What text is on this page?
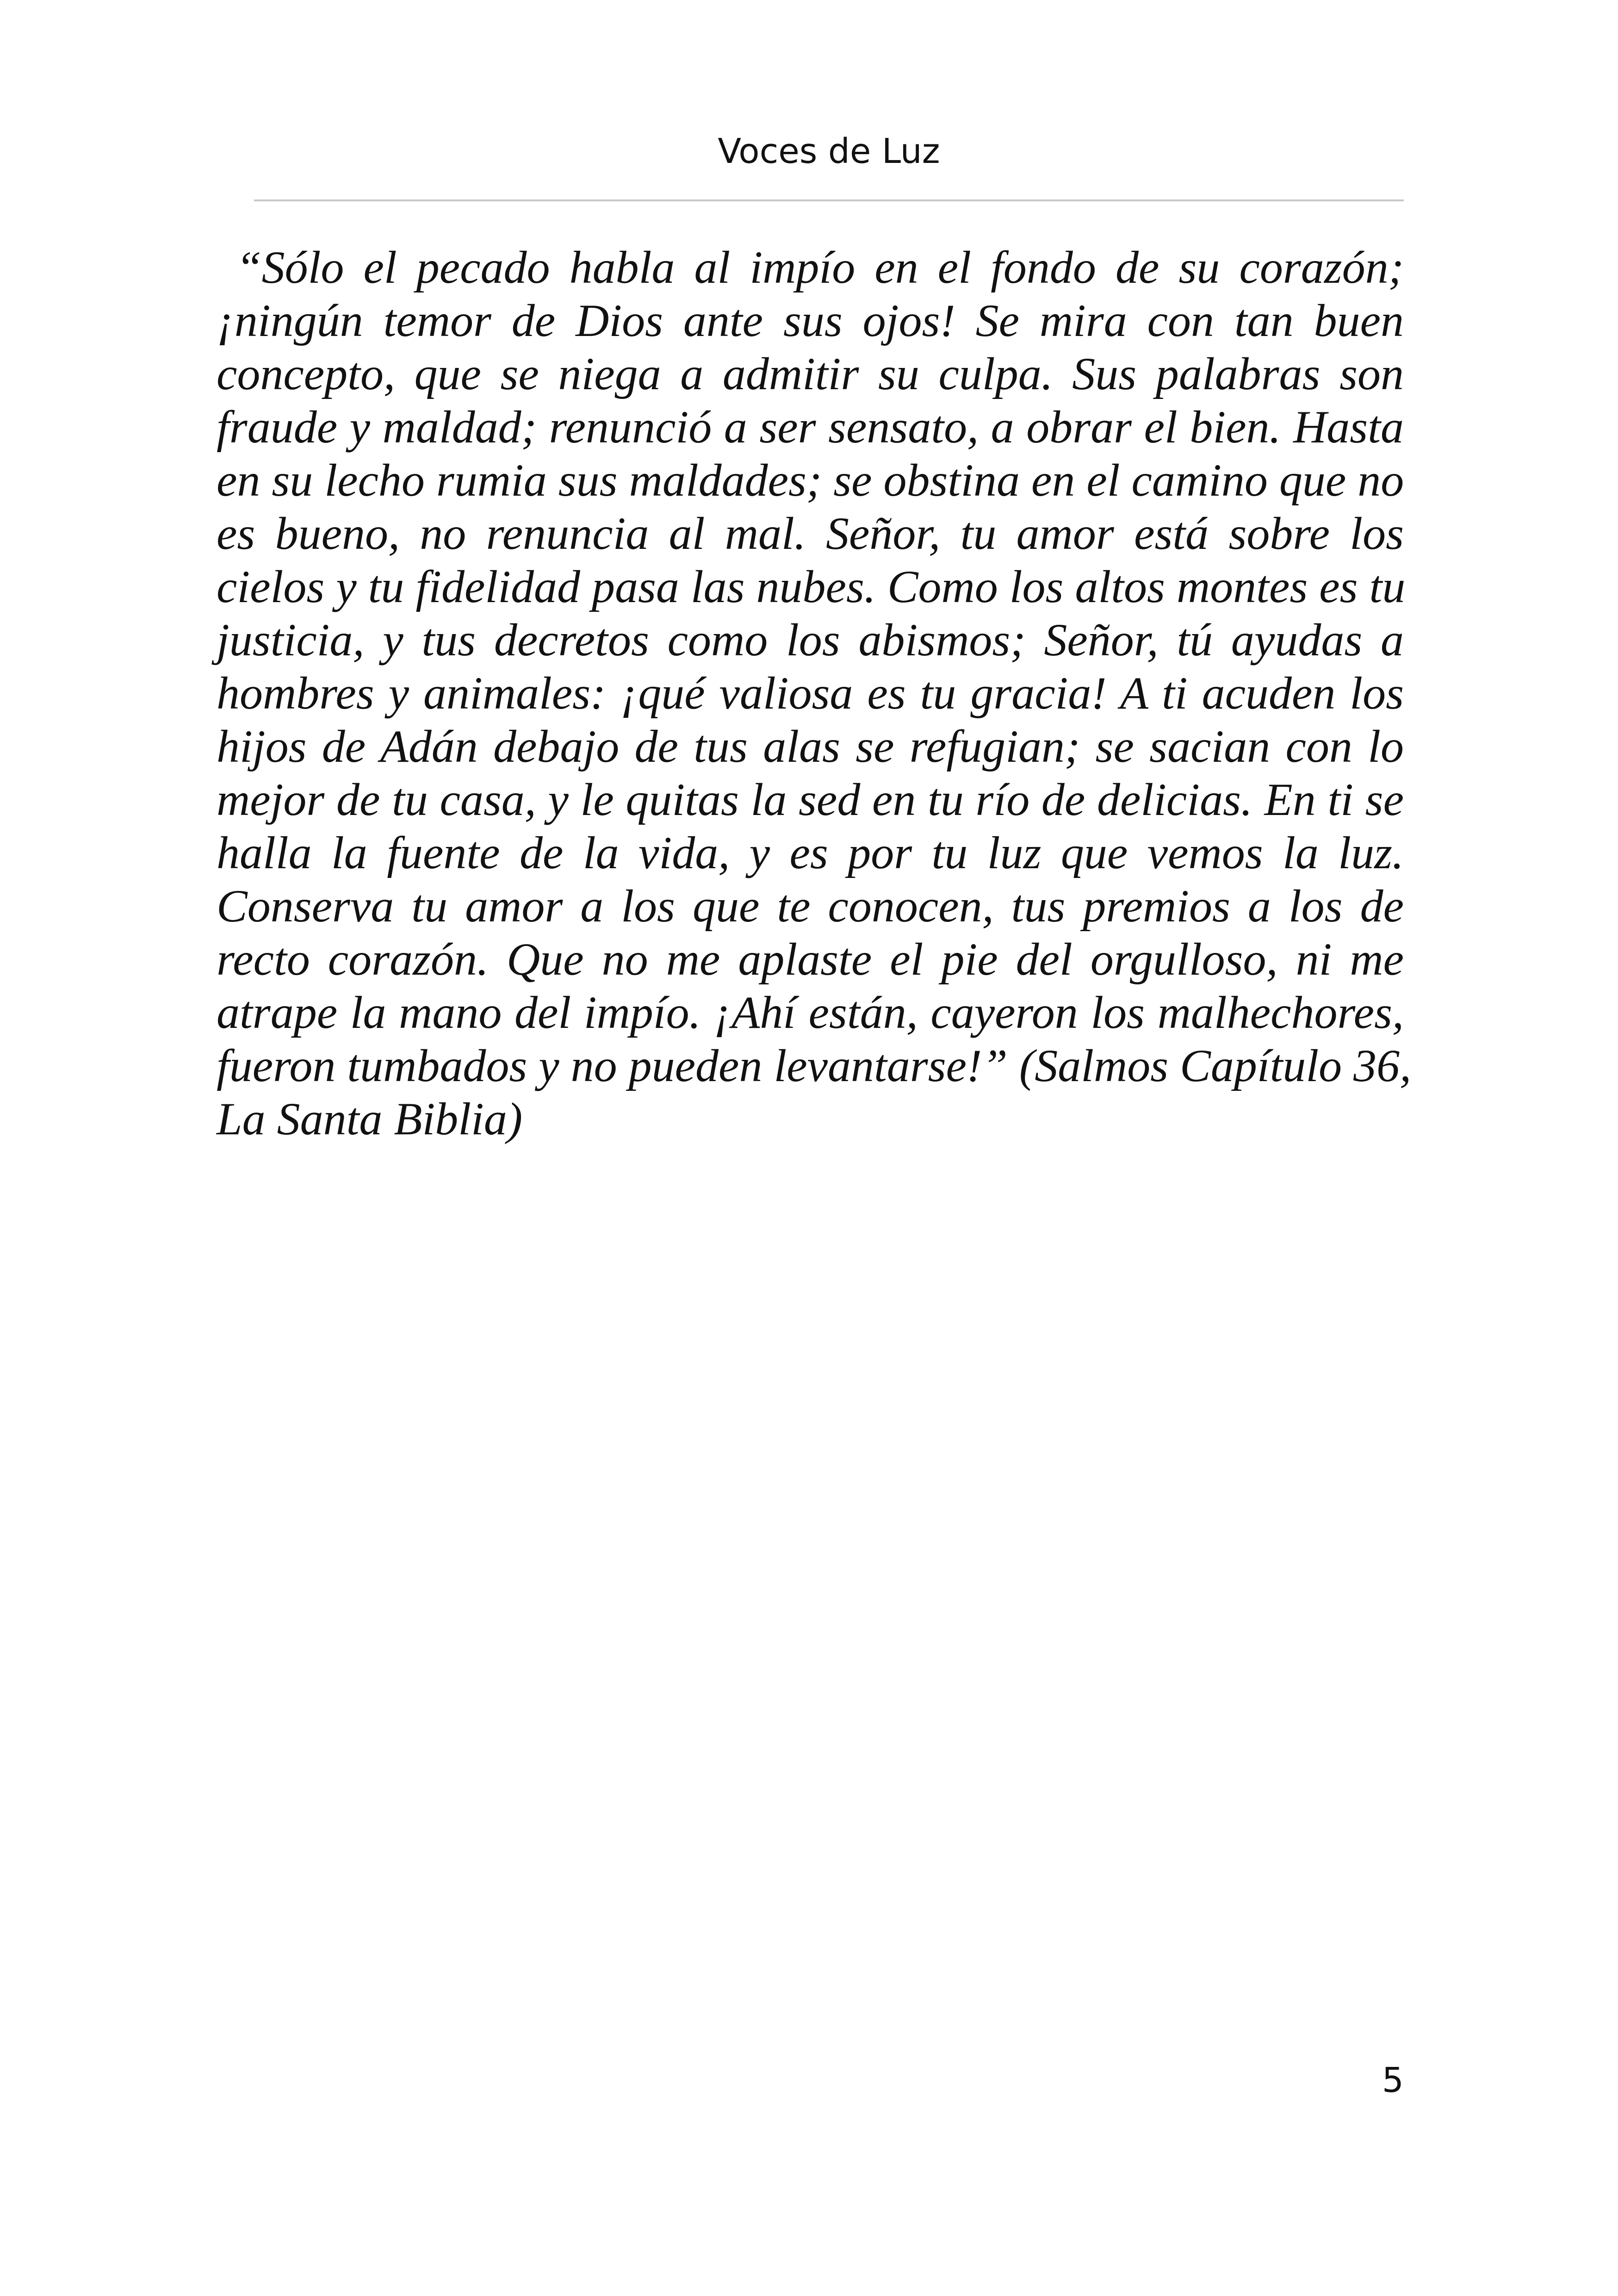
Voces de Luz

“Sólo el pecado habla al impío en el fondo de su corazón;
¡ningún temor de Dios ante sus ojos! Se mira con tan buen
concepto, que se niega a admitir su culpa. Sus palabras son
fraude y maldad; renunció a ser sensato, a obrar el bien. Hasta
en su lecho rumia sus maldades; se obstina en el camino que no
es bueno, no renuncia al mal. Señor, tu amor está sobre los
cielos y tu fidelidad pasa las nubes. Como los altos montes es tu
justicia, y tus decretos como los abismos; Señor, tú ayudas a
hombres y animales: ¡qué valiosa es tu gracia! A ti acuden los
hijos de Adán debajo de tus alas se refugian; se sacian con lo
mejor de tu casa, y le quitas la sed en tu río de delicias. En ti se
halla la fuente de la vida, y es por tu luz que vemos la luz.
Conserva tu amor a los que te conocen, tus premios a los de
recto corazón. Que no me aplaste el pie del orgulloso, ni me
atrape la mano del impío. ¡Ahí están, cayeron los malhechores,
fueron tumbados y no pueden levantarse!” (Salmos Capítulo 36,
La Santa Biblia)

5
